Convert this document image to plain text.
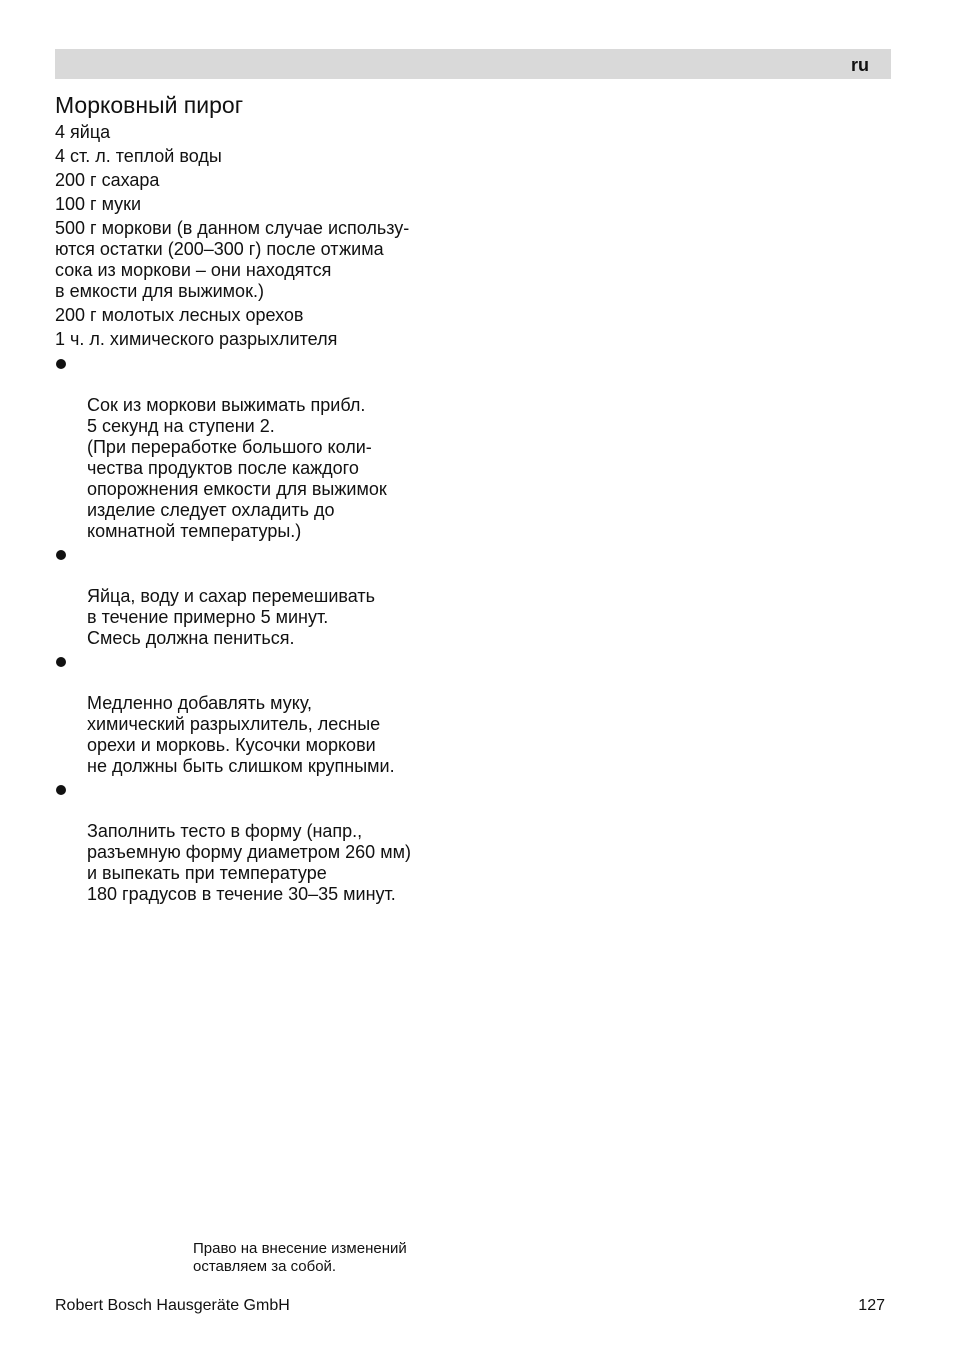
ru
Морковный пирог
4 яйца
4 ст. л. теплой воды
200 г сахара
100 г муки
500 г моркови (в данном случае использу-
ются остатки (200–300 г) после отжима
сока из моркови – они находятся
в емкости для выжимок.)
200 г молотых лесных орехов
1 ч. л. химического разрыхлителя

Сок из моркови выжимать прибл.
5 секунд на ступени 2.
(При переработке большого коли-
чества продуктов после каждого
опорожнения емкости для выжимок
изделие следует охладить до
комнатной температуры.)

Яйца, воду и сахар перемешивать
в течение примерно 5 минут.
Смесь должна пениться.

Медленно добавлять муку,
химический разрыхлитель, лесные
орехи и морковь. Кусочки моркови
не должны быть слишком крупными.

Заполнить тесто в форму (напр.,
разъемную форму диаметром 260 мм)
и выпекать при температуре
180 градусов в течение 30–35 минут.

Право на внесение изменений
оставляем за собой.
Robert Bosch Hausgeräte GmbH	127
